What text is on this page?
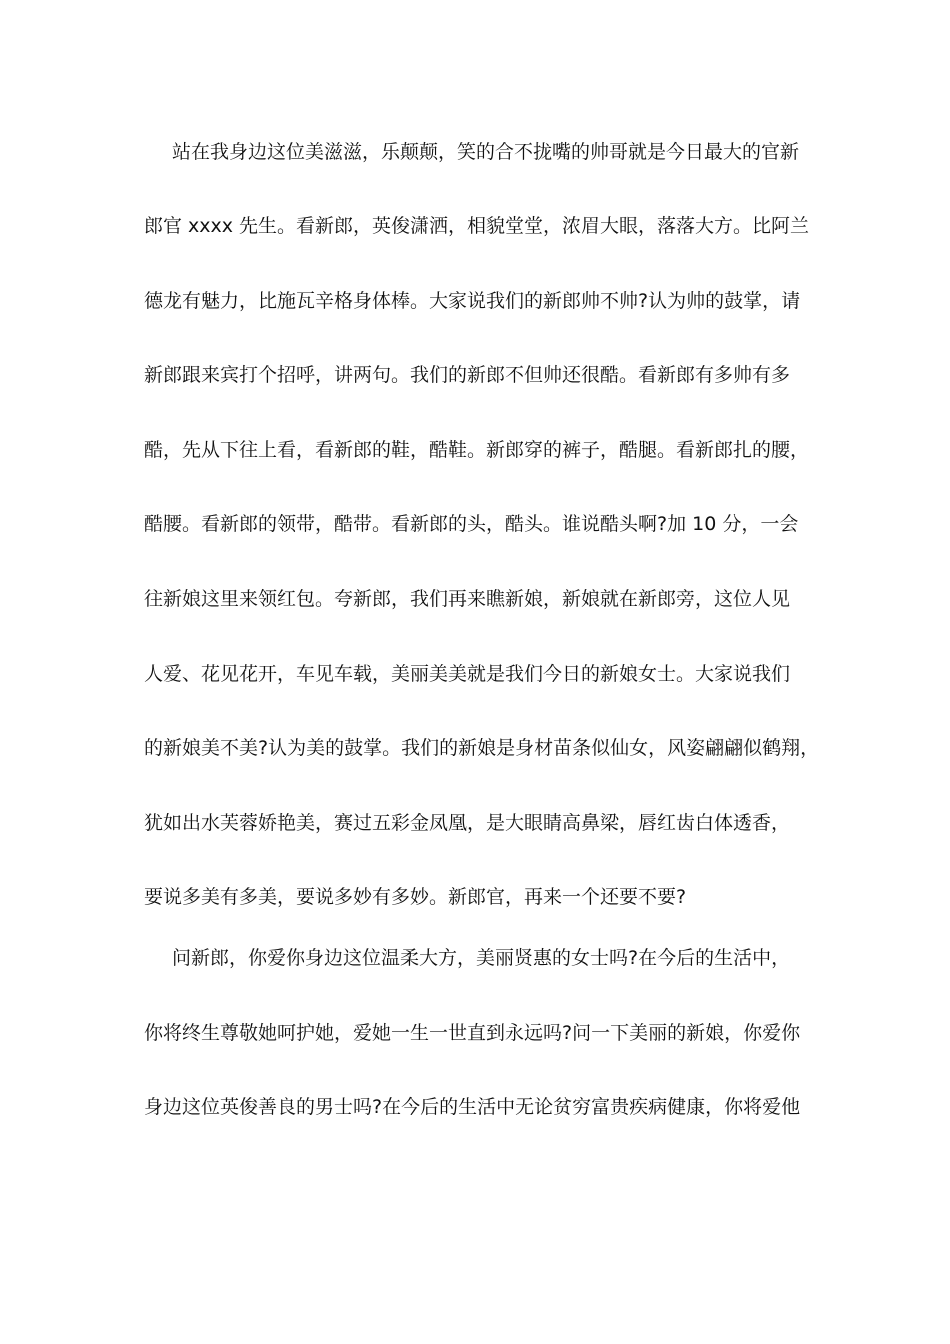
站在我身边这位美滋滋，乐颠颠，笑的合不拢嘴的帅哥就是今日最大的官新
郎官 xxxx 先生。看新郎，英俊潇洒，相貌堂堂，浓眉大眼，落落大方。比阿兰
德龙有魅力，比施瓦辛格身体棒。大家说我们的新郎帅不帅?认为帅的鼓掌，请
新郎跟来宾打个招呼，讲两句。我们的新郎不但帅还很酷。看新郎有多帅有多
酷，先从下往上看，看新郎的鞋，酷鞋。新郎穿的裤子，酷腿。看新郎扎的腰，
酷腰。看新郎的领带，酷带。看新郎的头，酷头。谁说酷头啊?加 10 分，一会
往新娘这里来领红包。夸新郎，我们再来瞧新娘，新娘就在新郎旁，这位人见
人爱、花见花开，车见车载，美丽美美就是我们今日的新娘女士。大家说我们
的新娘美不美?认为美的鼓掌。我们的新娘是身材苗条似仙女，风姿翩翩似鹤翔，
犹如出水芙蓉娇艳美，赛过五彩金凤凰，是大眼睛高鼻梁，唇红齿白体透香，
要说多美有多美，要说多妙有多妙。新郎官，再来一个还要不要?
问新郎，你爱你身边这位温柔大方，美丽贤惠的女士吗?在今后的生活中，
你将终生尊敬她呵护她，爱她一生一世直到永远吗?问一下美丽的新娘，你爱你
身边这位英俊善良的男士吗?在今后的生活中无论贫穷富贵疾病健康，你将爱他
